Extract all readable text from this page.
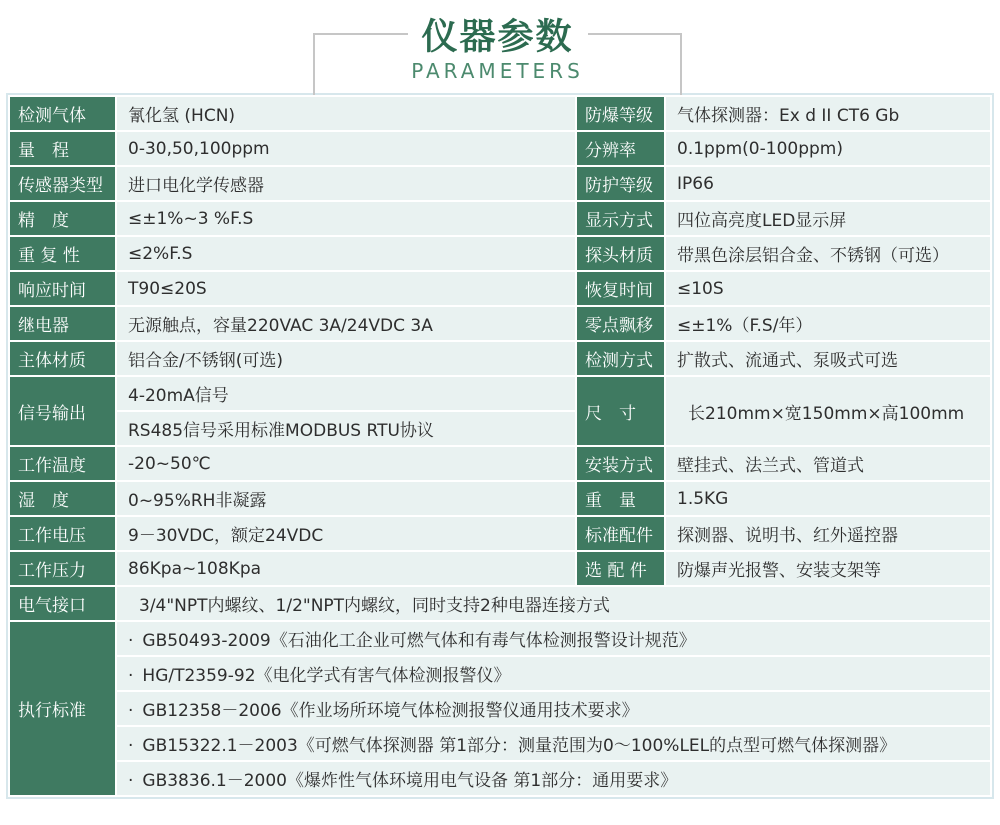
仪器参数
PARAMETERS
检测气体	氰化氢 (HCN)	防爆等级	气体探测器：Ex d II CT6 Gb
量　程	0-30,50,100ppm	分辨率	0.1ppm(0-100ppm)
传感器类型	进口电化学传感器	防护等级	IP66
精　度	≤±1%~3 %F.S	显示方式	四位高亮度LED显示屏
重 复 性	≤2%F.S	探头材质	带黑色涂层铝合金、不锈钢（可选）
响应时间	T90≤20S	恢复时间	≤10S
继电器	无源触点，容量220VAC 3A/24VDC 3A	零点飘移	≤±1%（F.S/年）
主体材质	铝合金/不锈钢(可选)	检测方式	扩散式、流通式、泵吸式可选
信号输出	4-20mA信号	尺　寸	长210mm×宽150mm×高100mm
	RS485信号采用标准MODBUS RTU协议		
工作温度	-20~50℃	安装方式	壁挂式、法兰式、管道式
湿　度	0~95%RH非凝露	重　量	1.5KG
工作电压	9－30VDC，额定24VDC	标准配件	探测器、说明书、红外遥控器
工作压力	86Kpa~108Kpa	选 配 件	防爆声光报警、安装支架等
电气接口	3/4"NPT内螺纹、1/2"NPT内螺纹，同时支持2种电器连接方式		
执行标准	· GB50493-2009《石油化工企业可燃气体和有毒气体检测报警设计规范》		
	· HG/T2359-92《电化学式有害气体检测报警仪》		
	· GB12358－2006《作业场所环境气体检测报警仪通用技术要求》		
	· GB15322.1－2003《可燃气体探测器 第1部分：测量范围为0～100%LEL的点型可燃气体探测器》		
	· GB3836.1－2000《爆炸性气体环境用电气设备 第1部分：通用要求》		
